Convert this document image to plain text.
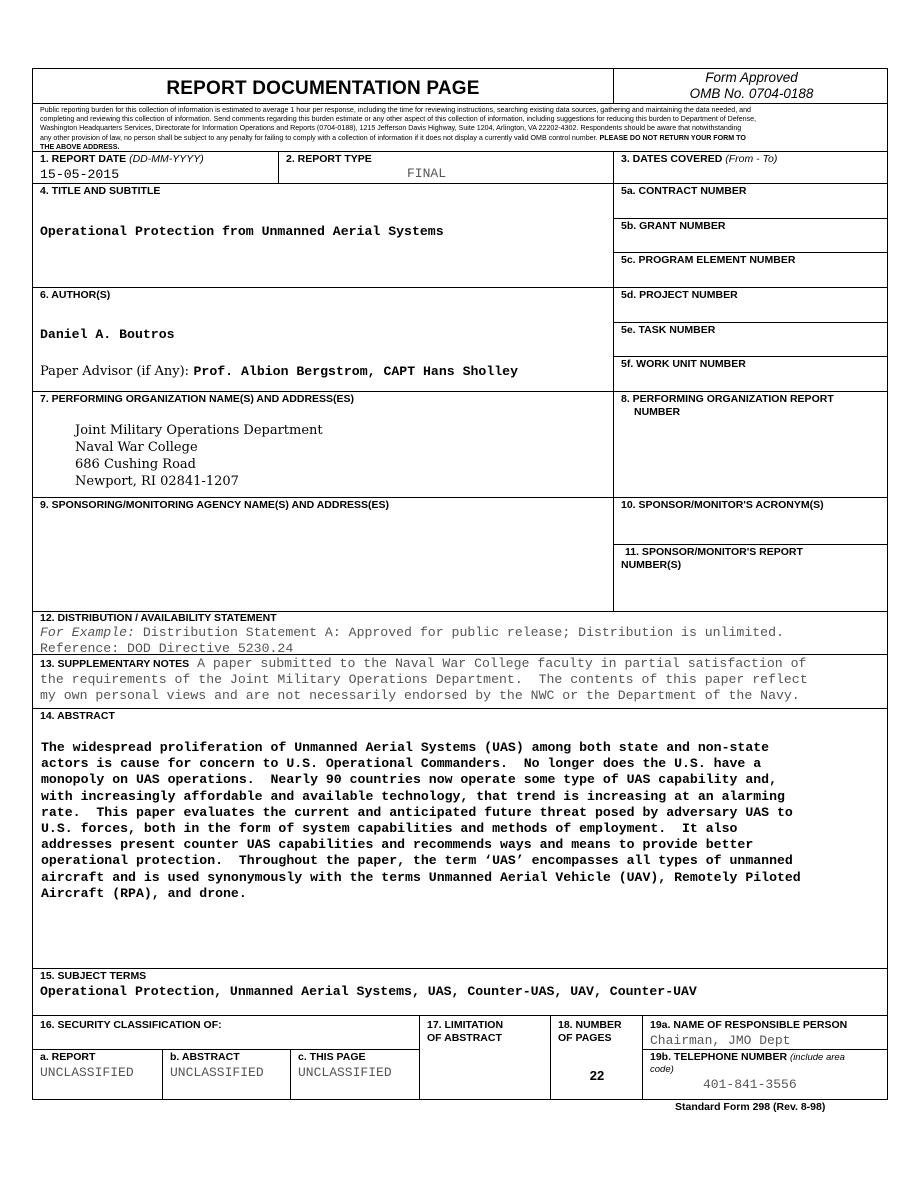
REPORT DOCUMENTATION PAGE
Form Approved
OMB No. 0704-0188
Public reporting burden for this collection of information is estimated to average 1 hour per response, including the time for reviewing instructions, searching existing data sources, gathering and maintaining the data needed, and
completing and reviewing this collection of information. Send comments regarding this burden estimate or any other aspect of this collection of information, including suggestions for reducing this burden to Department of Defense,
Washington Headquarters Services, Directorate for Information Operations and Reports (0704-0188), 1215 Jefferson Davis Highway, Suite 1204, Arlington, VA 22202-4302. Respondents should be aware that notwithstanding
any other provision of law, no person shall be subject to any penalty for failing to comply with a collection of information if it does not display a currently valid OMB control number. PLEASE DO NOT RETURN YOUR FORM TO
THE ABOVE ADDRESS.
1. REPORT DATE (DD-MM-YYYY)
15-05-2015
2. REPORT TYPE
FINAL
3. DATES COVERED (From - To)
4. TITLE AND SUBTITLE
Operational Protection from Unmanned Aerial Systems
5a. CONTRACT NUMBER
5b. GRANT NUMBER
5c. PROGRAM ELEMENT NUMBER
6. AUTHOR(S)
Daniel A. Boutros
Paper Advisor (if Any): Prof. Albion Bergstrom, CAPT Hans Sholley
5d. PROJECT NUMBER
5e. TASK NUMBER
5f. WORK UNIT NUMBER
7. PERFORMING ORGANIZATION NAME(S) AND ADDRESS(ES)
Joint Military Operations Department
Naval War College
686 Cushing Road
Newport, RI 02841-1207
8. PERFORMING ORGANIZATION REPORT
NUMBER
9. SPONSORING/MONITORING AGENCY NAME(S) AND ADDRESS(ES)	10. SPONSOR/MONITOR'S ACRONYM(S)
11. SPONSOR/MONITOR'S REPORT
NUMBER(S)
12. DISTRIBUTION / AVAILABILITY STATEMENT
For Example: Distribution Statement A: Approved for public release; Distribution is unlimited.
Reference: DOD Directive 5230.24
13. SUPPLEMENTARY NOTES A paper submitted to the Naval War College faculty in partial satisfaction of
the requirements of the Joint Military Operations Department.  The contents of this paper reflect
my own personal views and are not necessarily endorsed by the NWC or the Department of the Navy.
14. ABSTRACT
The widespread proliferation of Unmanned Aerial Systems (UAS) among both state and non-state
actors is cause for concern to U.S. Operational Commanders.  No longer does the U.S. have a
monopoly on UAS operations.  Nearly 90 countries now operate some type of UAS capability and,
with increasingly affordable and available technology, that trend is increasing at an alarming
rate.  This paper evaluates the current and anticipated future threat posed by adversary UAS to
U.S. forces, both in the form of system capabilities and methods of employment.  It also
addresses present counter UAS capabilities and recommends ways and means to provide better
operational protection.  Throughout the paper, the term ‘UAS’ encompasses all types of unmanned
aircraft and is used synonymously with the terms Unmanned Aerial Vehicle (UAV), Remotely Piloted
Aircraft (RPA), and drone.
15. SUBJECT TERMS
Operational Protection, Unmanned Aerial Systems, UAS, Counter-UAS, UAV, Counter-UAV
16. SECURITY CLASSIFICATION OF:
a. REPORT
UNCLASSIFIED
b. ABSTRACT
UNCLASSIFIED
c. THIS PAGE
UNCLASSIFIED
17. LIMITATION
OF ABSTRACT
18. NUMBER
OF PAGES
22
19a. NAME OF RESPONSIBLE PERSON
Chairman, JMO Dept
19b. TELEPHONE NUMBER (include area
code)
401-841-3556
Standard Form 298 (Rev. 8-98)
